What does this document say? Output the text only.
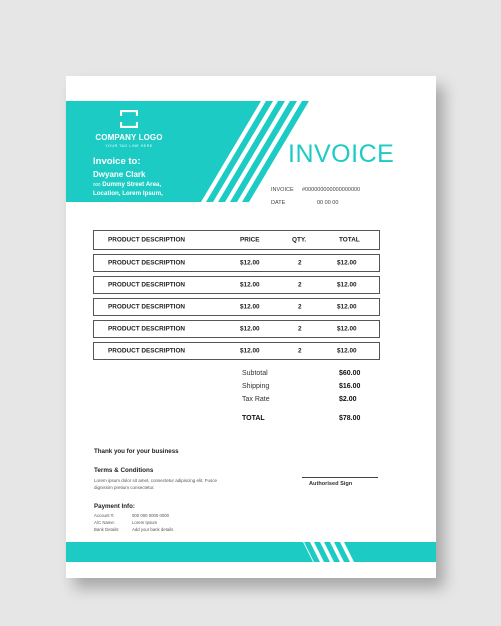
COMPANY LOGO
YOUR TAG LINE HERE
Invoice to:
Dwyane Clark
000 Dummy Street Area,
Location, Lorem Ipsum,
INVOICE
INVOICE #000000000000000000
DATE	00 00 00
PRODUCT DESCRIPTION	PRICE	QTY.	TOTAL
PRODUCT DESCRIPTION	$12.00	2	$12.00
PRODUCT DESCRIPTION	$12.00	2	$12.00
PRODUCT DESCRIPTION	$12.00	2	$12.00
PRODUCT DESCRIPTION	$12.00	2	$12.00
PRODUCT DESCRIPTION	$12.00	2	$12.00
Subtotal	$60.00
Shipping	$16.00
Tax Rate	$2.00
TOTAL	$78.00
Thank you for your business
Terms & Conditions
Lorem ipsum dolor sit amet, consectetur adipiscing elit. Fusce dignissim pretium consectetur.	Authorised Sign
Payment Info:
Account #:	000 000 0000 0000
A/C Name:	Lorem Ipsum
Bank Details:	Add your bank details
